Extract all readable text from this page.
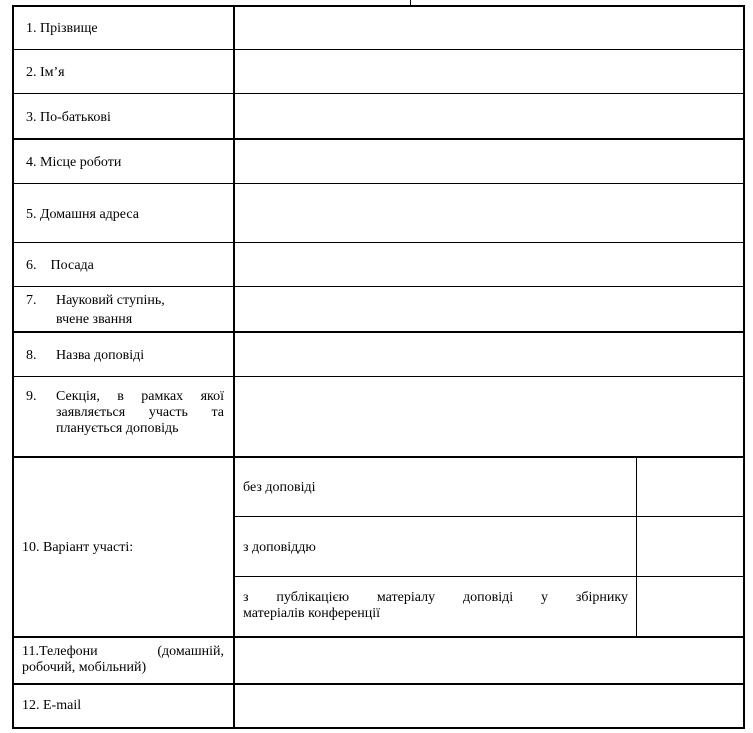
1. Прізвище
2. Ім’я
3. По-батькові
4. Місце роботи
5. Домашня адреса
6.    Посада
7. Науковий ступінь,
вчене звання
8. Назва доповіді
9. Секція, в рамках якої
заявляється участь та
планується доповідь
10. Варіант участі:
11.Телефони (домашній,
робочий, мобільний)
12. E-mail
без доповіді
з доповіддю
з публікацією матеріалу доповіді у збірнику
матеріалів конференції
